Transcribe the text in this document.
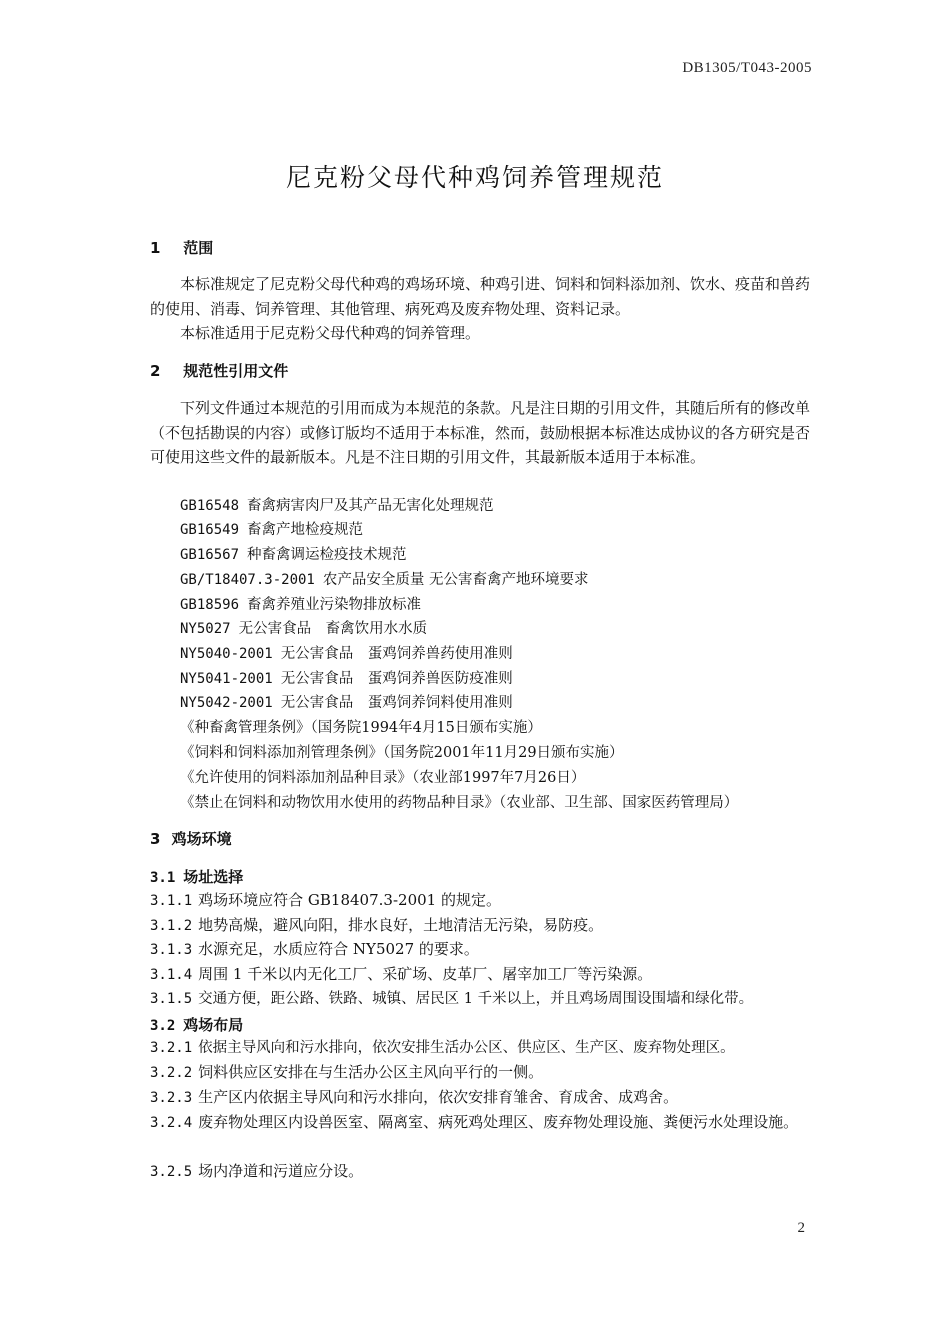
DB1305/T043-2005
尼克粉父母代种鸡饲养管理规范
1 范围
本标准规定了尼克粉父母代种鸡的鸡场环境、种鸡引进、饲料和饲料添加剂、饮水、疫苗和兽药的使用、消毒、饲养管理、其他管理、病死鸡及废弃物处理、资料记录。
本标准适用于尼克粉父母代种鸡的饲养管理。
2 规范性引用文件
下列文件通过本规范的引用而成为本规范的条款。凡是注日期的引用文件，其随后所有的修改单（不包括勘误的内容）或修订版均不适用于本标准，然而，鼓励根据本标准达成协议的各方研究是否可使用这些文件的最新版本。凡是不注日期的引用文件，其最新版本适用于本标准。
GB16548 畜禽病害肉尸及其产品无害化处理规范
GB16549 畜禽产地检疫规范
GB16567 种畜禽调运检疫技术规范
GB/T18407.3-2001 农产品安全质量 无公害畜禽产地环境要求
GB18596 畜禽养殖业污染物排放标准
NY5027 无公害食品　畜禽饮用水水质
NY5040-2001 无公害食品　蛋鸡饲养兽药使用准则
NY5041-2001 无公害食品　蛋鸡饲养兽医防疫准则
NY5042-2001 无公害食品　蛋鸡饲养饲料使用准则
《种畜禽管理条例》（国务院1994年4月15日颁布实施）
《饲料和饲料添加剂管理条例》（国务院2001年11月29日颁布实施）
《允许使用的饲料添加剂品种目录》（农业部1997年7月26日）
《禁止在饲料和动物饮用水使用的药物品种目录》（农业部、卫生部、国家医药管理局）
3 鸡场环境
3.1 场址选择
3.1.1 鸡场环境应符合 GB18407.3-2001 的规定。
3.1.2 地势高燥，避风向阳，排水良好，土地清洁无污染，易防疫。
3.1.3 水源充足，水质应符合 NY5027 的要求。
3.1.4 周围 1 千米以内无化工厂、采矿场、皮革厂、屠宰加工厂等污染源。
3.1.5 交通方便，距公路、铁路、城镇、居民区 1 千米以上，并且鸡场周围设围墙和绿化带。
3.2 鸡场布局
3.2.1 依据主导风向和污水排向，依次安排生活办公区、供应区、生产区、废弃物处理区。
3.2.2 饲料供应区安排在与生活办公区主风向平行的一侧。
3.2.3 生产区内依据主导风向和污水排向，依次安排育雏舍、育成舍、成鸡舍。
3.2.4 废弃物处理区内设兽医室、隔离室、病死鸡处理区、废弃物处理设施、粪便污水处理设施。
3.2.5 场内净道和污道应分设。
2
